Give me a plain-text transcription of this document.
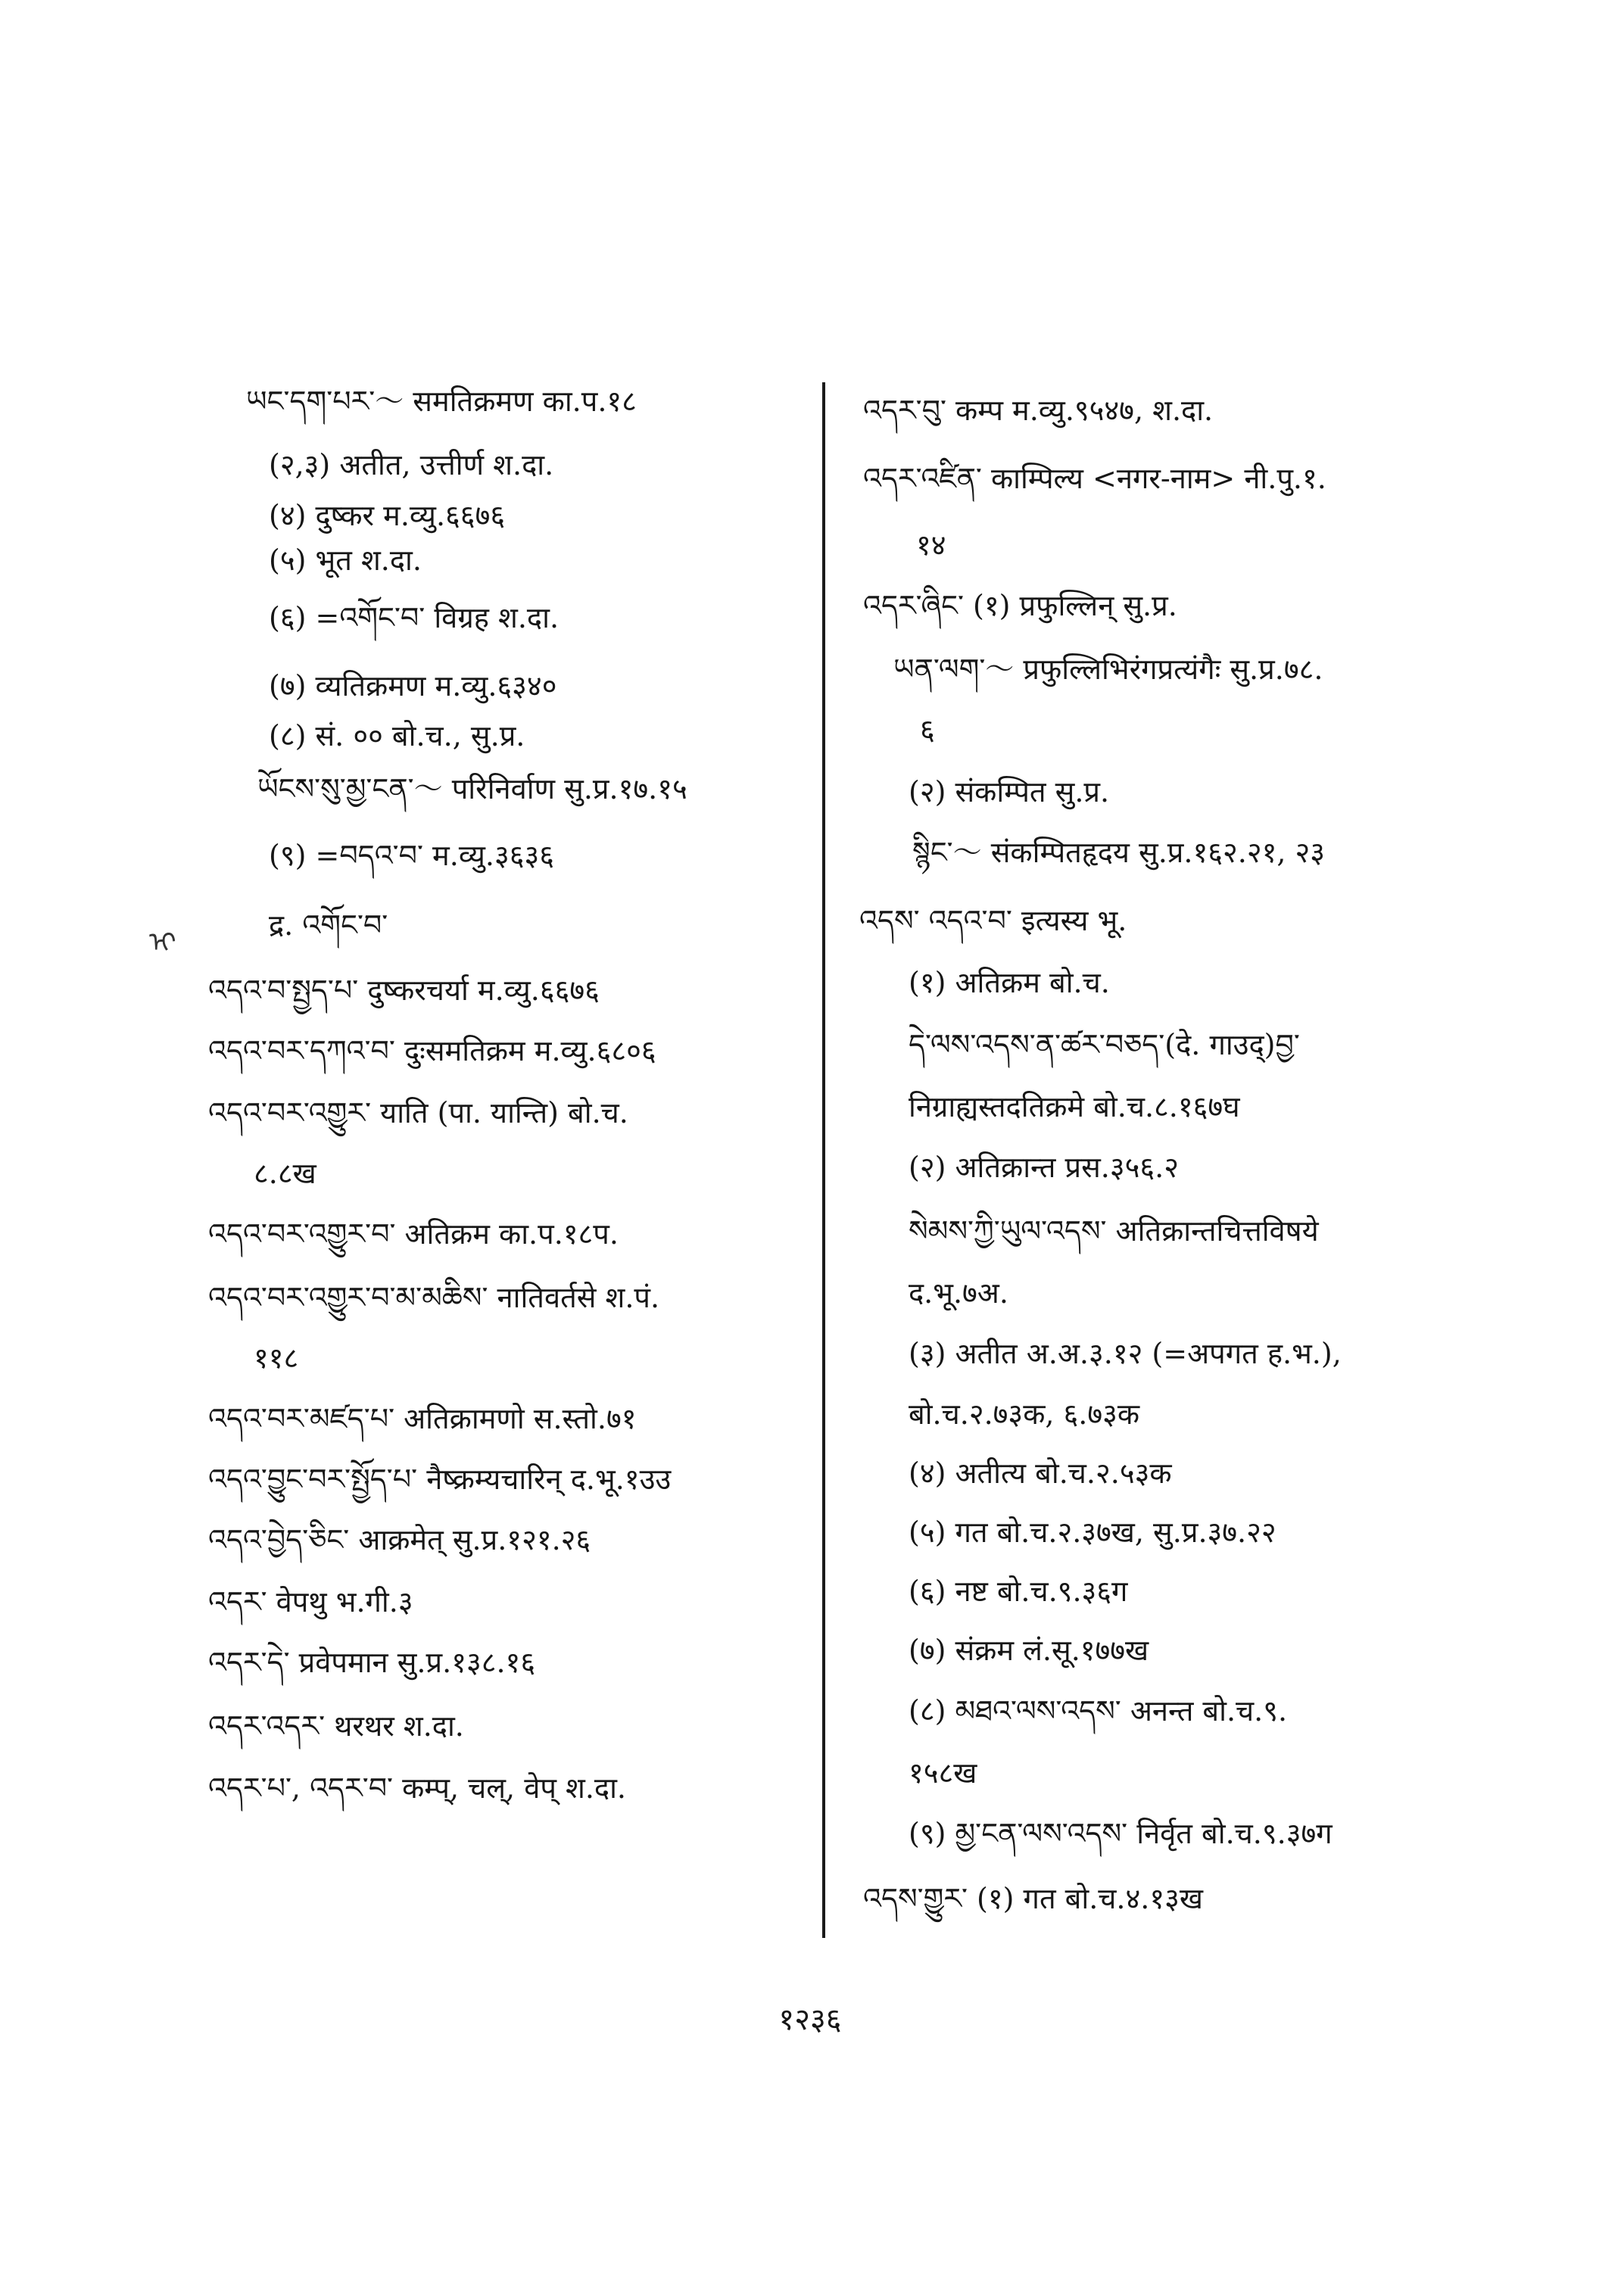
ཡང་དག་པར་～ समतिक्रमण का.प.१८
(२,३) अतीत, उत्तीर्ण श.दा.
(४) दुष्कर म.व्यु.६६७६
(५) भूत श.दा.
(६) =འགོང་བ་ विग्रह श.दा.
(७) व्यतिक्रमण म.व्यु.६३४०
(८) सं. ०० बो.च., सु.प्र.
ཡོངས་སུ་མྱ་ངན་～ परिनिर्वाण सु.प्र.१७.१५
(९) =བདའ་བ་ म.व्यु.३६३६
द्र. འགོང་བ་
འདའ་བ་སྤྱད་པ་ दुष्करचर्या म.व्यु.६६७६
འདའ་བར་དཀའ་བ་ दुःसमतिक्रम म.व्यु.६८०६
འདའ་བར་འགྱུར་ याति (पा. यान्ति) बो.च.
८.८ख
འདའ་བར་འགྱུར་བ་ अतिक्रम का.प.१८प.
འདའ་བར་འགྱུར་བ་མ་མཆིས་ नातिवर्तसे श.पं.
११८
འདའ་བར་མཛད་པ་ अतिक्रामणो स.स्तो.७१
འདའ་བྱུང་བར་སྤྱོད་པ་ नैष्क्रम्यचारिन् द.भू.१उउ
འདའ་བྱེད་ཅིང་ आक्रमेत् सु.प्र.१२१.२६
འདར་ वेपथु भ.गी.३
འདར་དེ་ प्रवेपमान सु.प्र.१३८.१६
འདར་འདར་ थरथर श.दा.
འདར་པ་, འདར་བ་ कम्प्, चल्, वेप् श.दा.
འདར་བུ་ कम्प म.व्यु.९५४७, श.दा.
འདར་འཛིན་ काम्पिल्य <नगर-नाम> नी.पु.१.
१४
འདར་ཞིང་ (१) प्रफुल्लिन् सु.प्र.
ཡན་ལག་～ प्रफुल्लिभिरंगप्रत्यंगैः सु.प्र.७८.
६
(२) संकम्पित सु.प्र.
སྙིང་～ संकम्पितहृदय सु.प्र.१६२.२१, २३
འདས་ འདའ་བ་ इत्यस्य भू.
(१) अतिक्रम बो.च.
དེ་ལས་འདས་ན་ཚར་བཅད་(दे. गाउद्)བྱ་
निग्राह्यस्तदतिक्रमे बो.च.८.१६७घ
(२) अतिक्रान्त प्रस.३५६.२
སེམས་ཀྱི་ཡུལ་འདས་ अतिक्रान्तचित्तविषये
द.भू.७अ.
(३) अतीत अ.अ.३.१२ (=अपगत ह.भ.),
बो.च.२.७३क, ६.७३क
(४) अतीत्य बो.च.२.५३क
(५) गत बो.च.२.३७ख, सु.प्र.३७.२२
(६) नष्ट बो.च.९.३६ग
(७) संक्रम लं.सू.१७७ख
(८) མཐའ་ལས་འདས་ अनन्त बो.च.९.
१५८ख
(९) མྱ་ངན་ལས་འདས་ निर्वृत बो.च.९.३७ग
འདས་གྱུར་ (१) गत बो.च.४.१३ख
ᠢ
१२३६
